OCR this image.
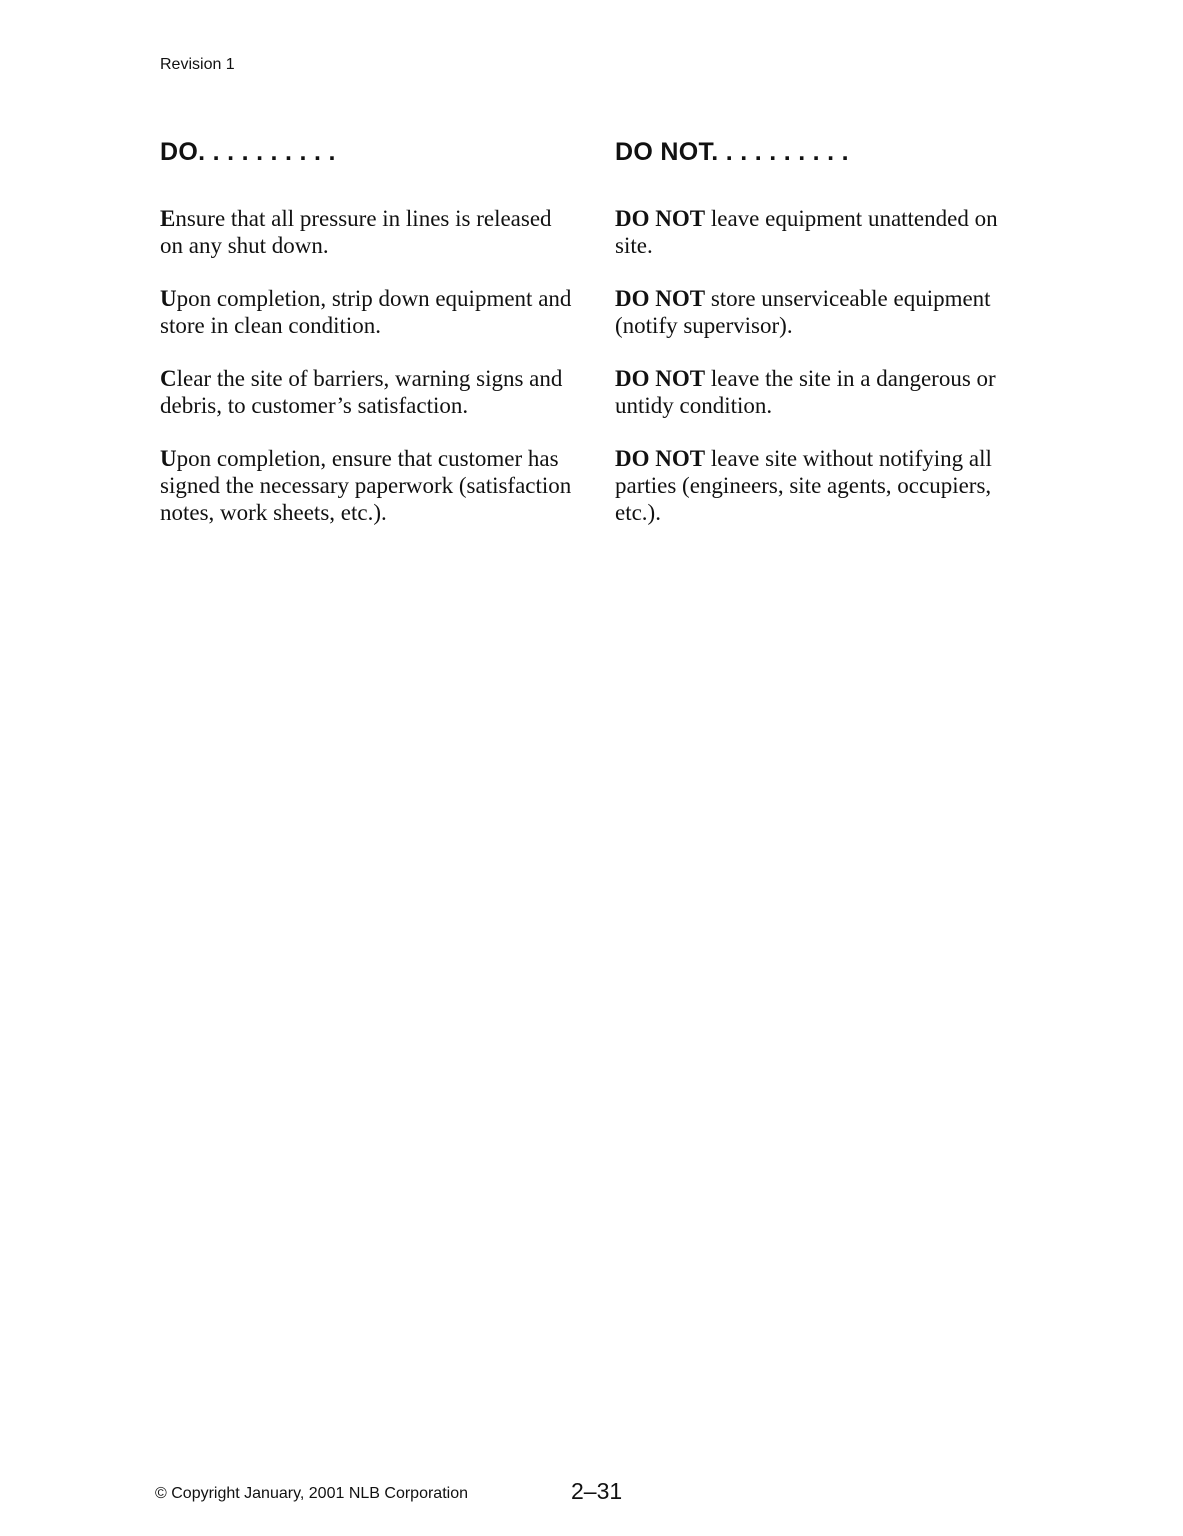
Revision 1
DO. . . . . . . . . .

Ensure that all pressure in lines is released on any shut down.

Upon completion, strip down equipment and store in clean condition.

Clear the site of barriers, warning signs and debris, to customer’s satisfaction.

Upon completion, ensure that customer has signed the necessary paperwork (satisfaction notes, work sheets, etc.).

DO NOT. . . . . . . . . .

DO NOT leave equipment unattended on site.

DO NOT store unserviceable equipment (notify supervisor).

DO NOT leave the site in a dangerous or untidy condition.

DO NOT leave site without notifying all parties (engineers, site agents, occupiers, etc.).

© Copyright January, 2001 NLB Corporation	2–31
